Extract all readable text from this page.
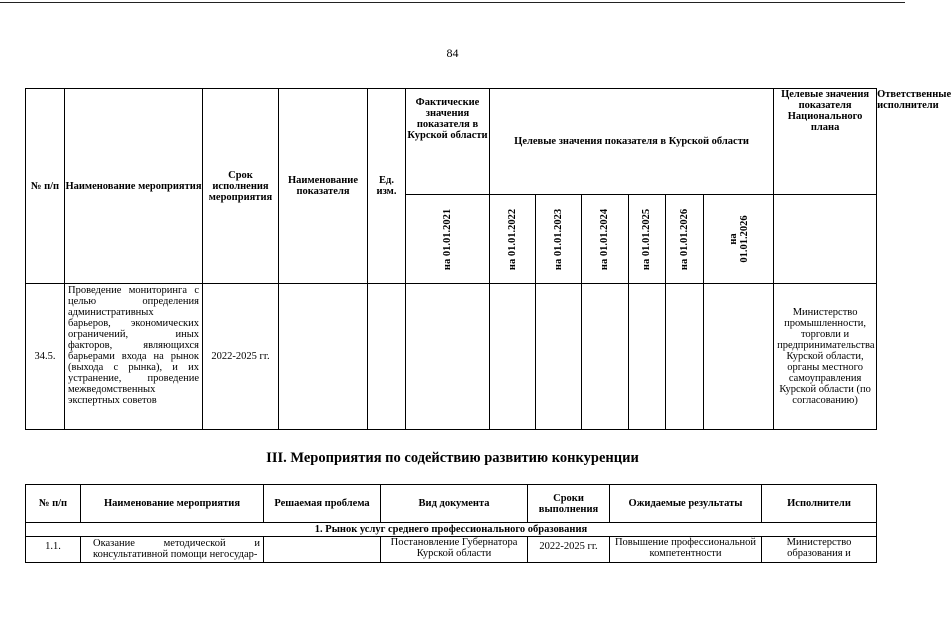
84
№ п/п	Наименование мероприятия	Срок исполнения мероприятия	Наименование показателя	Ед. изм.	Фактические значения показателя в Курской области	Целевые значения показателя в Курской области						Целевые значения показателя Национального плана	Ответственные исполнители

					на 01.01.2021	на 01.01.2022	на 01.01.2023	на 01.01.2024	на 01.01.2025	на 01.01.2026	на 01.01.2026		

34.5.	Проведение мониторинга с целью определения административных барьеров, экономических ограничений, иных факторов, являющихся барьерами входа на рынок (выхода с рынка), и их устранение, проведение межведомственных экспертных советов	2022-2025 гг.										Министерство промышленности, торговли и предпринимательства Курской области, органы местного самоуправления Курской области (по согласованию)	
III. Мероприятия по содействию развитию конкуренции
№ п/п	Наименование мероприятия	Решаемая проблема	Вид документа	Сроки выполнения	Ожидаемые результаты	Исполнители
1. Рынок услуг среднего профессионального образования						
1.1.	Оказание методической и консультативной помощи негосудар-		Постановление Губернатора Курской области	2022-2025 гг.	Повышение профессиональной компетентности	Министерство образования и
